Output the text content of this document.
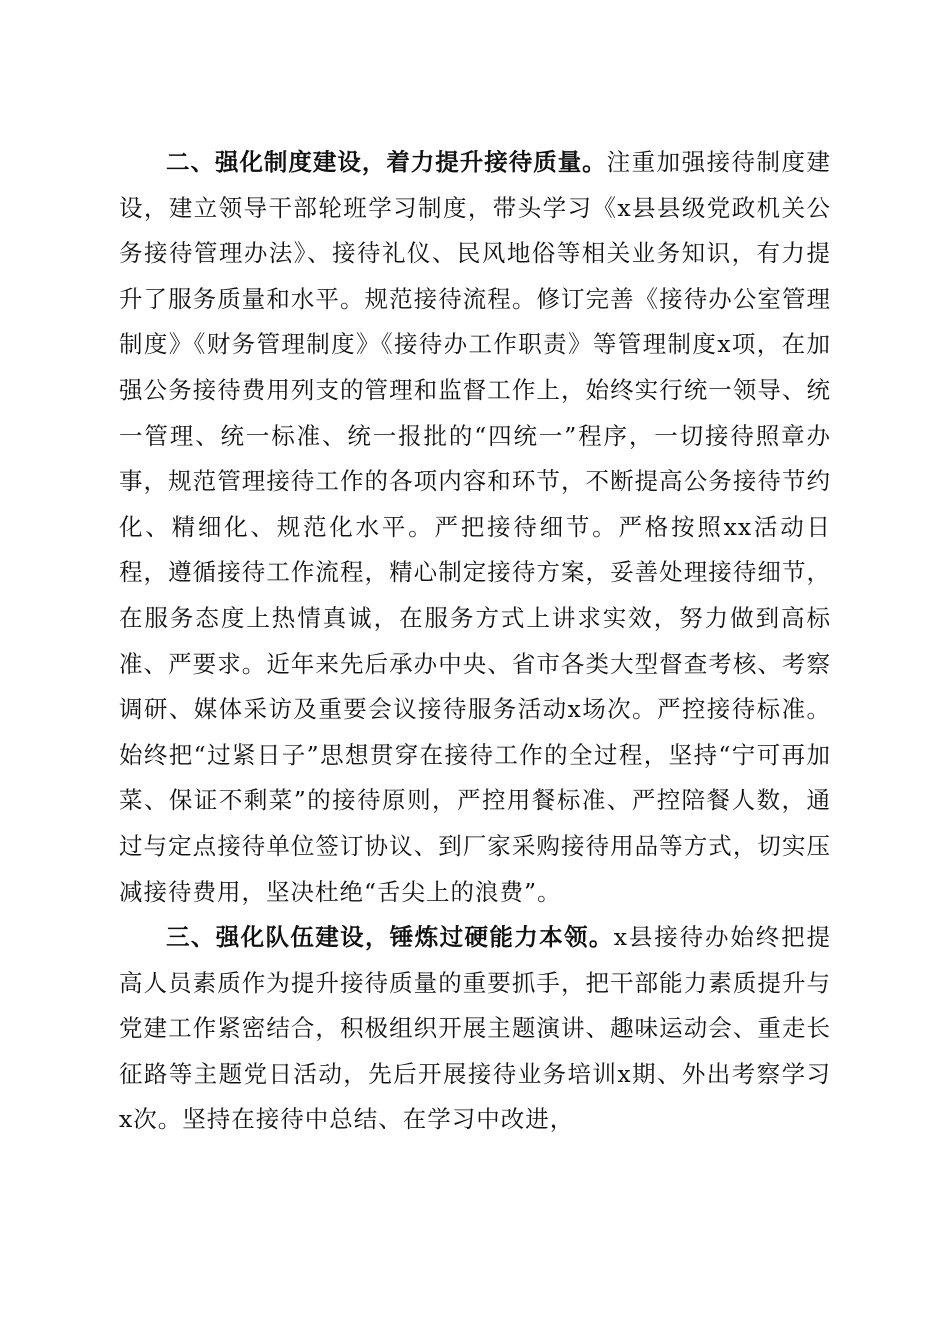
二、强化制度建设，着力提升接待质量。注重加强接待制度建设，建立领导干部轮班学习制度，带头学习《x县县级党政机关公务接待管理办法》、接待礼仪、民风地俗等相关业务知识，有力提升了服务质量和水平。规范接待流程。修订完善《接待办公室管理制度》《财务管理制度》《接待办工作职责》等管理制度x项，在加强公务接待费用列支的管理和监督工作上，始终实行统一领导、统一管理、统一标准、统一报批的“四统一”程序，一切接待照章办事，规范管理接待工作的各项内容和环节，不断提高公务接待节约化、精细化、规范化水平。严把接待细节。严格按照xx活动日程，遵循接待工作流程，精心制定接待方案，妥善处理接待细节，在服务态度上热情真诚，在服务方式上讲求实效，努力做到高标准、严要求。近年来先后承办中央、省市各类大型督查考核、考察调研、媒体采访及重要会议接待服务活动x场次。严控接待标准。始终把“过紧日子”思想贯穿在接待工作的全过程，坚持“宁可再加菜、保证不剩菜”的接待原则，严控用餐标准、严控陪餐人数，通过与定点接待单位签订协议、到厂家采购接待用品等方式，切实压减接待费用，坚决杜绝“舌尖上的浪费”。

三、强化队伍建设，锤炼过硬能力本领。x县接待办始终把提高人员素质作为提升接待质量的重要抓手，把干部能力素质提升与党建工作紧密结合，积极组织开展主题演讲、趣味运动会、重走长征路等主题党日活动，先后开展接待业务培训x期、外出考察学习x次。坚持在接待中总结、在学习中改进，
